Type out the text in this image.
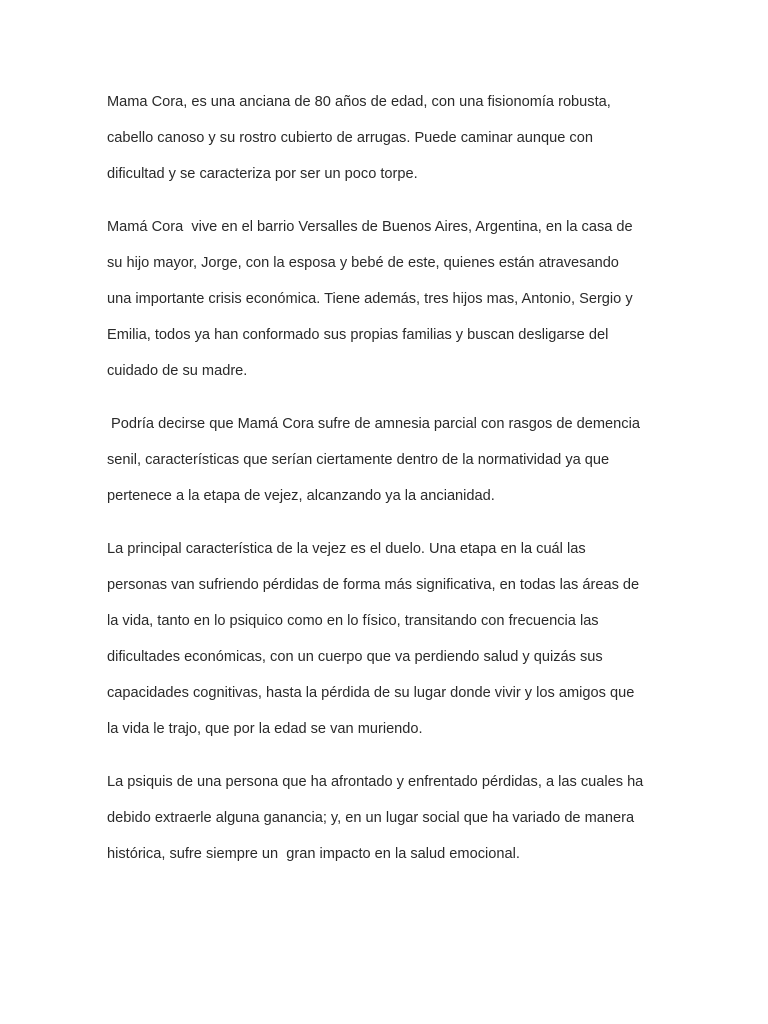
Mama Cora, es una anciana de 80 años de edad, con una fisionomía robusta,
cabello canoso y su rostro cubierto de arrugas. Puede caminar aunque con
dificultad y se caracteriza por ser un poco torpe.
Mamá Cora  vive en el barrio Versalles de Buenos Aires, Argentina, en la casa de
su hijo mayor, Jorge, con la esposa y bebé de este, quienes están atravesando
una importante crisis económica. Tiene además, tres hijos mas, Antonio, Sergio y
Emilia, todos ya han conformado sus propias familias y buscan desligarse del
cuidado de su madre.
Podría decirse que Mamá Cora sufre de amnesia parcial con rasgos de demencia
senil, características que serían ciertamente dentro de la normatividad ya que
pertenece a la etapa de vejez, alcanzando ya la ancianidad.
La principal característica de la vejez es el duelo. Una etapa en la cuál las
personas van sufriendo pérdidas de forma más significativa, en todas las áreas de
la vida, tanto en lo psiquico como en lo físico, transitando con frecuencia las
dificultades económicas, con un cuerpo que va perdiendo salud y quizás sus
capacidades cognitivas, hasta la pérdida de su lugar donde vivir y los amigos que
la vida le trajo, que por la edad se van muriendo.
La psiquis de una persona que ha afrontado y enfrentado pérdidas, a las cuales ha
debido extraerle alguna ganancia; y, en un lugar social que ha variado de manera
histórica, sufre siempre un  gran impacto en la salud emocional.
